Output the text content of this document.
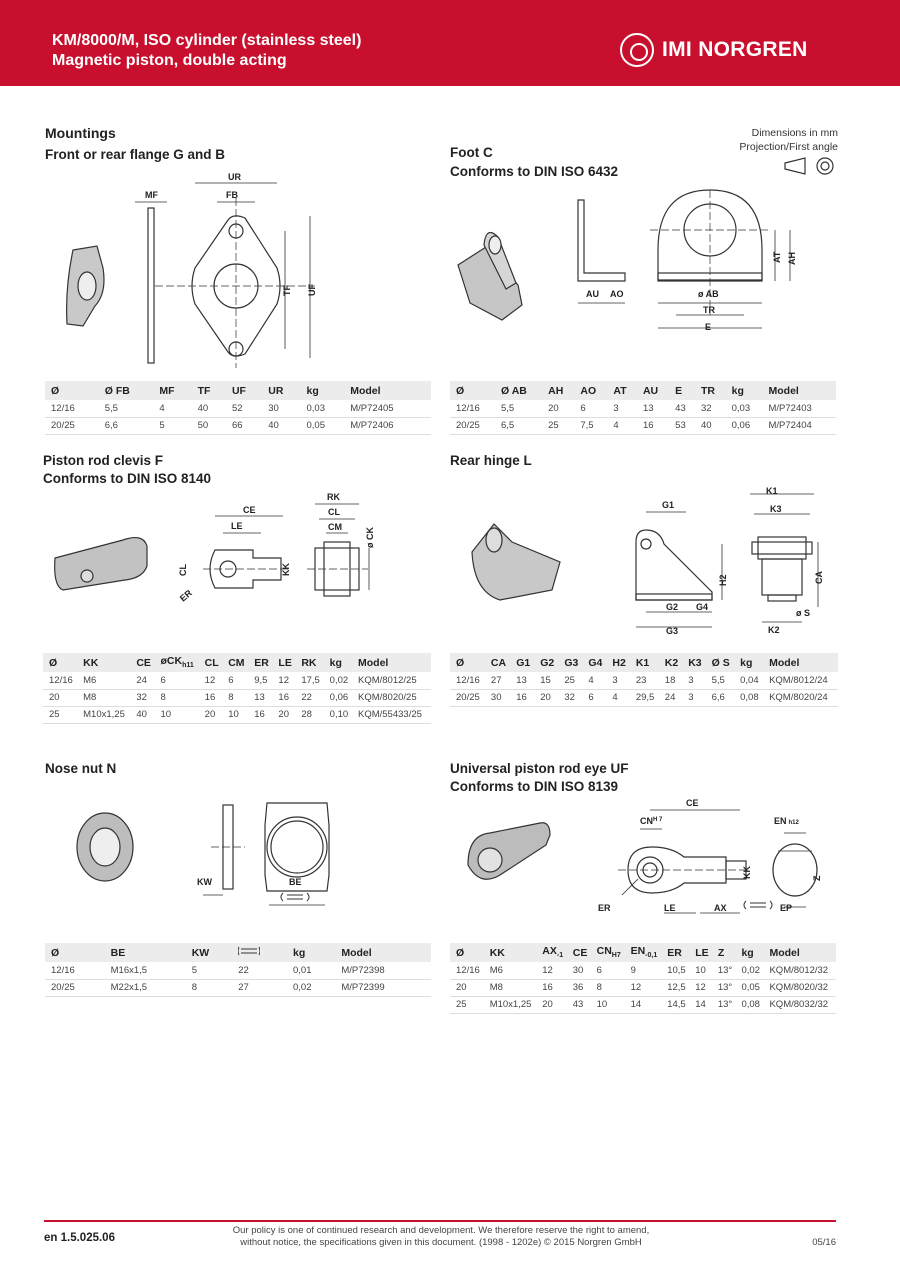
KM/8000/M, ISO cylinder (stainless steel)
Magnetic piston, double acting	IMI NORGREN
Mountings
Front or rear flange G and B
Dimensions in mm
Projection/First angle
UR
MF	FB
TF UF
Ø	Ø FB	MF	TF	UF	UR	kg	Model
12/16	5,5	4	40	52	30	0,03	M/P72405
20/25	6,6	5	50	66	40	0,05	M/P72406
Foot C
Conforms to DIN ISO 6432
AU AO
AT AH
ø AB
TR
E
Ø	Ø AB	AH	AO	AT	AU	E	TR	kg	Model
12/16	5,5	20	6	3	13	43	32	0,03	M/P72403
20/25	6,5	25	7,5	4	16	53	40	0,06	M/P72404
Piston rod clevis F
Conforms to DIN ISO 8140
CE
LE
CL	KK
ER
RK
CL
CM	ø CK
Ø	KK	CE	øCK$_{h11}$	CL	CM	ER	LE	RK	kg	Model
12/16	M6	24	6	12	6	9,5	12	17,5	0,02	KQM/8012/25
20	M8	32	8	16	8	13	16	22	0,06	KQM/8020/25
25	M10x1,25	40	10	20	10	16	20	28	0,10	KQM/55433/25
Rear hinge L
G1
G2 G4
G3
H2
K1
K3
K2
CA
ø S
Ø	CA	G1	G2	G3	G4	H2	K1	K2	K3	Ø S	kg	Model
12/16	27	13	15	25	4	3	23	18	3	5,5	0,04	KQM/8012/24
20/25	30	16	20	32	6	4	29,5	24	3	6,6	0,08	KQM/8020/24
Nose nut N
KW	BE
Ø	BE	KW		kg	Model
12/16	M16x1,5	5	22	0,01	M/P72398
20/25	M22x1,5	8	27	0,02	M/P72399
Universal piston rod eye UF
Conforms to DIN ISO 8139
CE
$CN^{H 7}$	EN h12
KK	Z
ER	LE	AX	EP
Ø	KK	$AX_{-1}$	CE	$CN_{H7}$	$EN_{-0,1}$	ER	LE	Z	kg	Model
12/16	M6	12	30	6	9	10,5	10	13°	0,02	KQM/8012/32
20	M8	16	36	8	12	12,5	12	13°	0,05	KQM/8020/32
25	M10x1,25	20	43	10	14	14,5	14	13°	0,08	KQM/8032/32
en 1.5.025.06
Our policy is one of continued research and development. We therefore reserve the right to amend,
without notice, the specifications given in this document. (1998 - 1202e) © 2015 Norgren GmbH	05/16
